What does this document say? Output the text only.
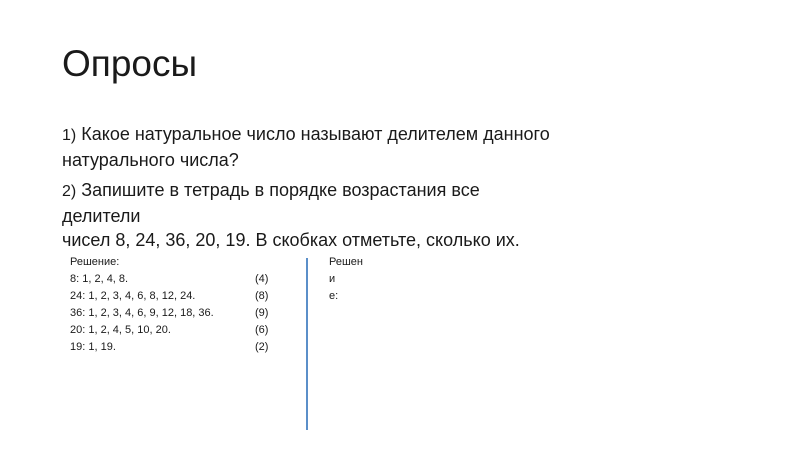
Опросы

1) Какое натуральное число называют делителем данного
натурального числа?

2) Запишите в тетрадь в порядке возрастания все
делители
чисел 8, 24, 36, 20, 19. В скобках отметьте, сколько их.

Решение:
8: 1, 2, 4, 8.	(4)
24: 1, 2, 3, 4, 6, 8, 12, 24.	(8)
36: 1, 2, 3, 4, 6, 9, 12, 18, 36.	(9)
20: 1, 2, 4, 5, 10, 20.	(6)
19: 1, 19.	(2)
Решени
е:
